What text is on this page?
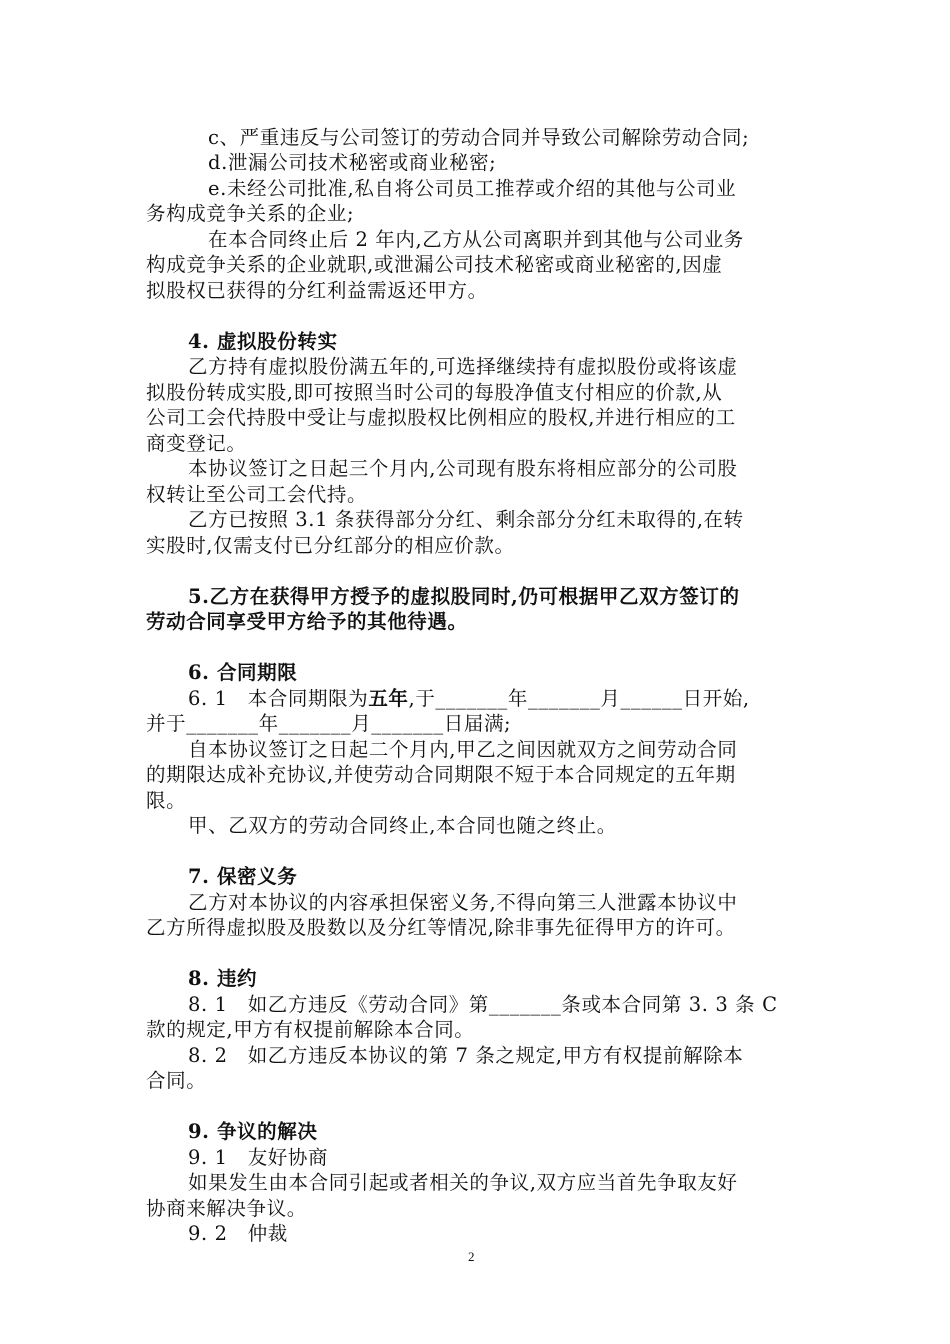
c、严重违反与公司签订的劳动合同并导致公司解除劳动合同;
d.泄漏公司技术秘密或商业秘密;
e.未经公司批准,私自将公司员工推荐或介绍的其他与公司业
务构成竞争关系的企业;
在本合同终止后 2 年内,乙方从公司离职并到其他与公司业务
构成竞争关系的企业就职,或泄漏公司技术秘密或商业秘密的,因虚
拟股权已获得的分红利益需返还甲方。
4. 虚拟股份转实
乙方持有虚拟股份满五年的,可选择继续持有虚拟股份或将该虚
拟股份转成实股,即可按照当时公司的每股净值支付相应的价款,从
公司工会代持股中受让与虚拟股权比例相应的股权,并进行相应的工
商变登记。
本协议签订之日起三个月内,公司现有股东将相应部分的公司股
权转让至公司工会代持。
乙方已按照 3.1 条获得部分分红、剩余部分分红未取得的,在转
实股时,仅需支付已分红部分的相应价款。
5.乙方在获得甲方授予的虚拟股同时,仍可根据甲乙双方签订的
劳动合同享受甲方给予的其他待遇。
6. 合同期限
6. 1　本合同期限为五年,于_______年_______月______日开始,
并于_______年_______月_______日届满;
自本协议签订之日起二个月内,甲乙之间因就双方之间劳动合同
的期限达成补充协议,并使劳动合同期限不短于本合同规定的五年期
限。
甲、乙双方的劳动合同终止,本合同也随之终止。
7. 保密义务
乙方对本协议的内容承担保密义务,不得向第三人泄露本协议中
乙方所得虚拟股及股数以及分红等情况,除非事先征得甲方的许可。
8. 违约
8. 1　如乙方违反《劳动合同》第_______条或本合同第 3. 3 条 C
款的规定,甲方有权提前解除本合同。
8. 2　如乙方违反本协议的第 7 条之规定,甲方有权提前解除本
合同。
9. 争议的解决
9. 1　友好协商
如果发生由本合同引起或者相关的争议,双方应当首先争取友好
协商来解决争议。
9. 2　仲裁
2
